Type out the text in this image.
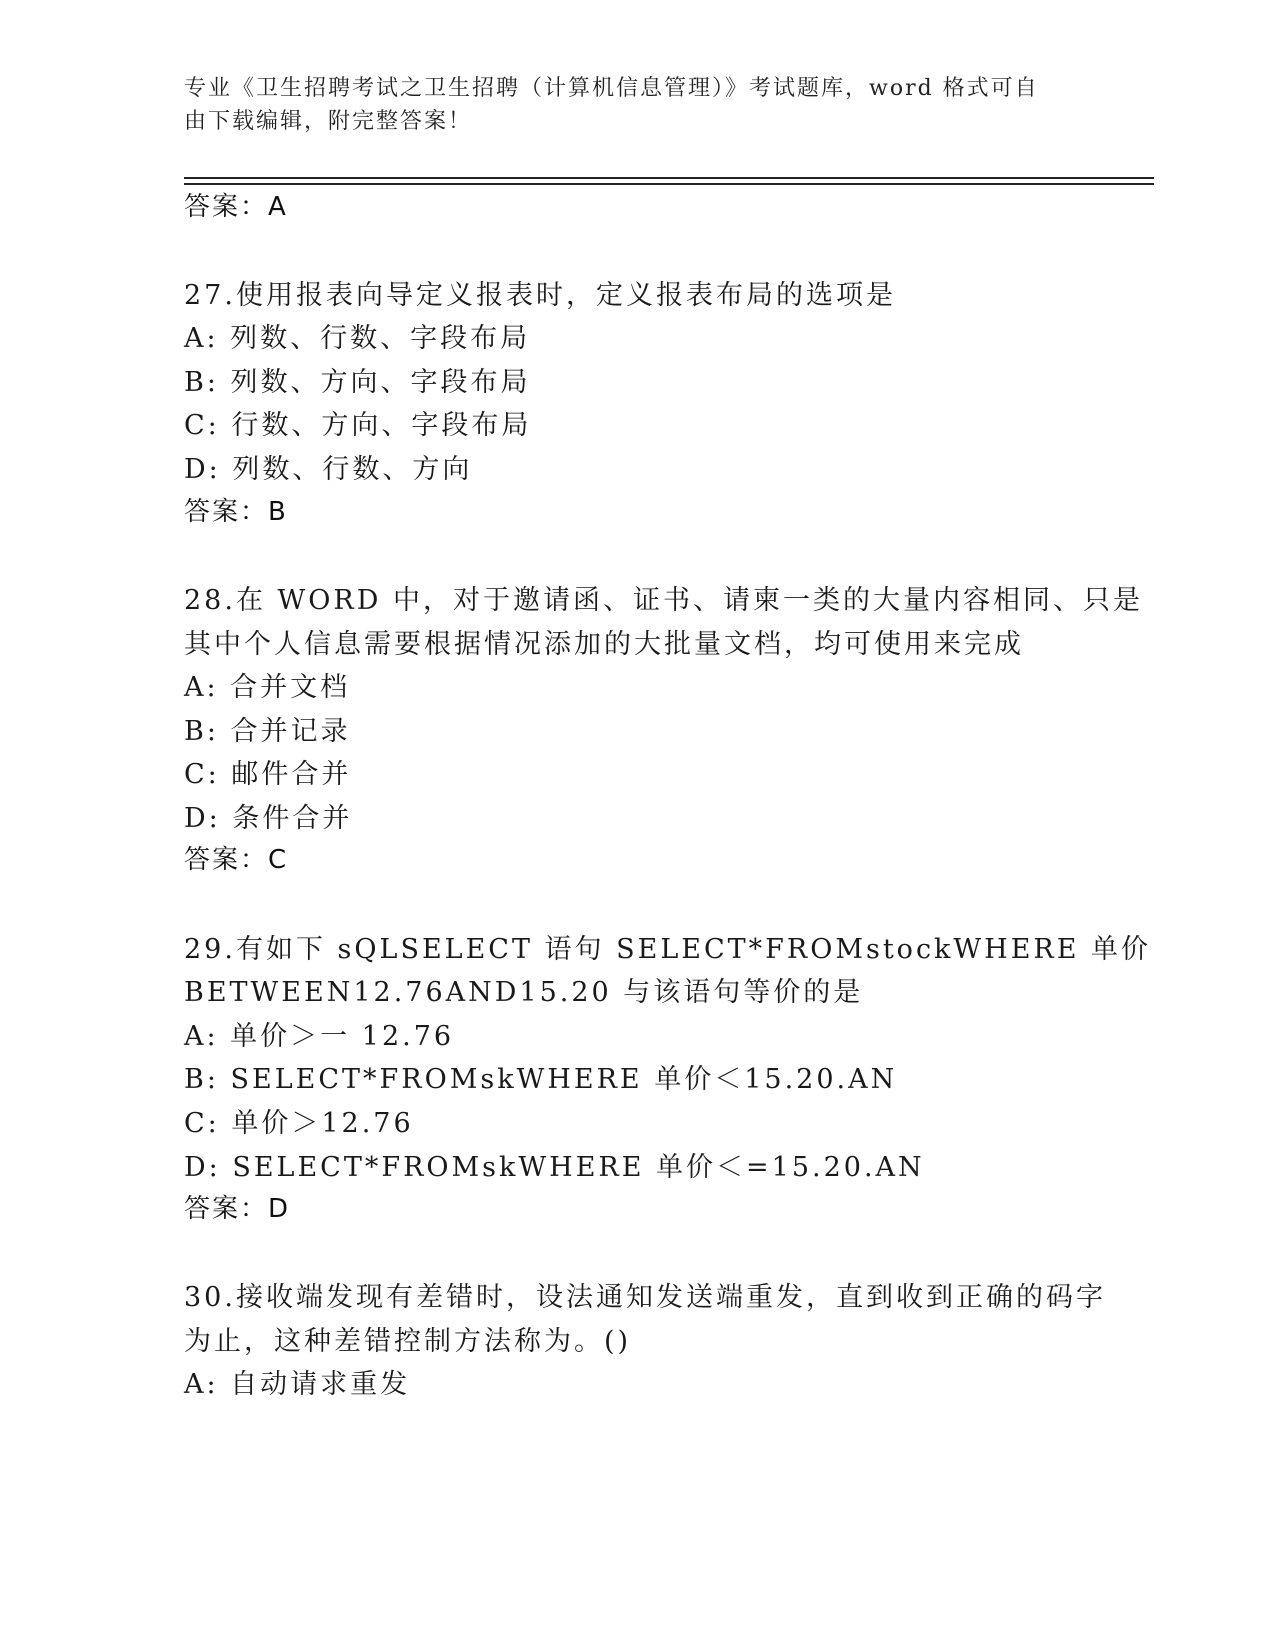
专业《卫生招聘考试之卫生招聘（计算机信息管理）》考试题库，word 格式可自
由下载编辑，附完整答案！
答案：A
27.使用报表向导定义报表时，定义报表布局的选项是
A: 列数、行数、字段布局
B: 列数、方向、字段布局
C: 行数、方向、字段布局
D: 列数、行数、方向
答案：B
28.在 WORD 中，对于邀请函、证书、请柬一类的大量内容相同、只是
其中个人信息需要根据情况添加的大批量文档，均可使用来完成
A: 合并文档
B: 合并记录
C: 邮件合并
D: 条件合并
答案：C
29.有如下 sQLSELECT 语句 SELECT*FROMstockWHERE 单价
BETWEEN12.76AND15.20 与该语句等价的是
A: 单价＞一 12.76
B: SELECT*FROMskWHERE 单价＜15.20.AN
C: 单价＞12.76
D: SELECT*FROMskWHERE 单价＜=15.20.AN
答案：D
30.接收端发现有差错时，设法通知发送端重发，直到收到正确的码字
为止，这种差错控制方法称为。()
A: 自动请求重发
